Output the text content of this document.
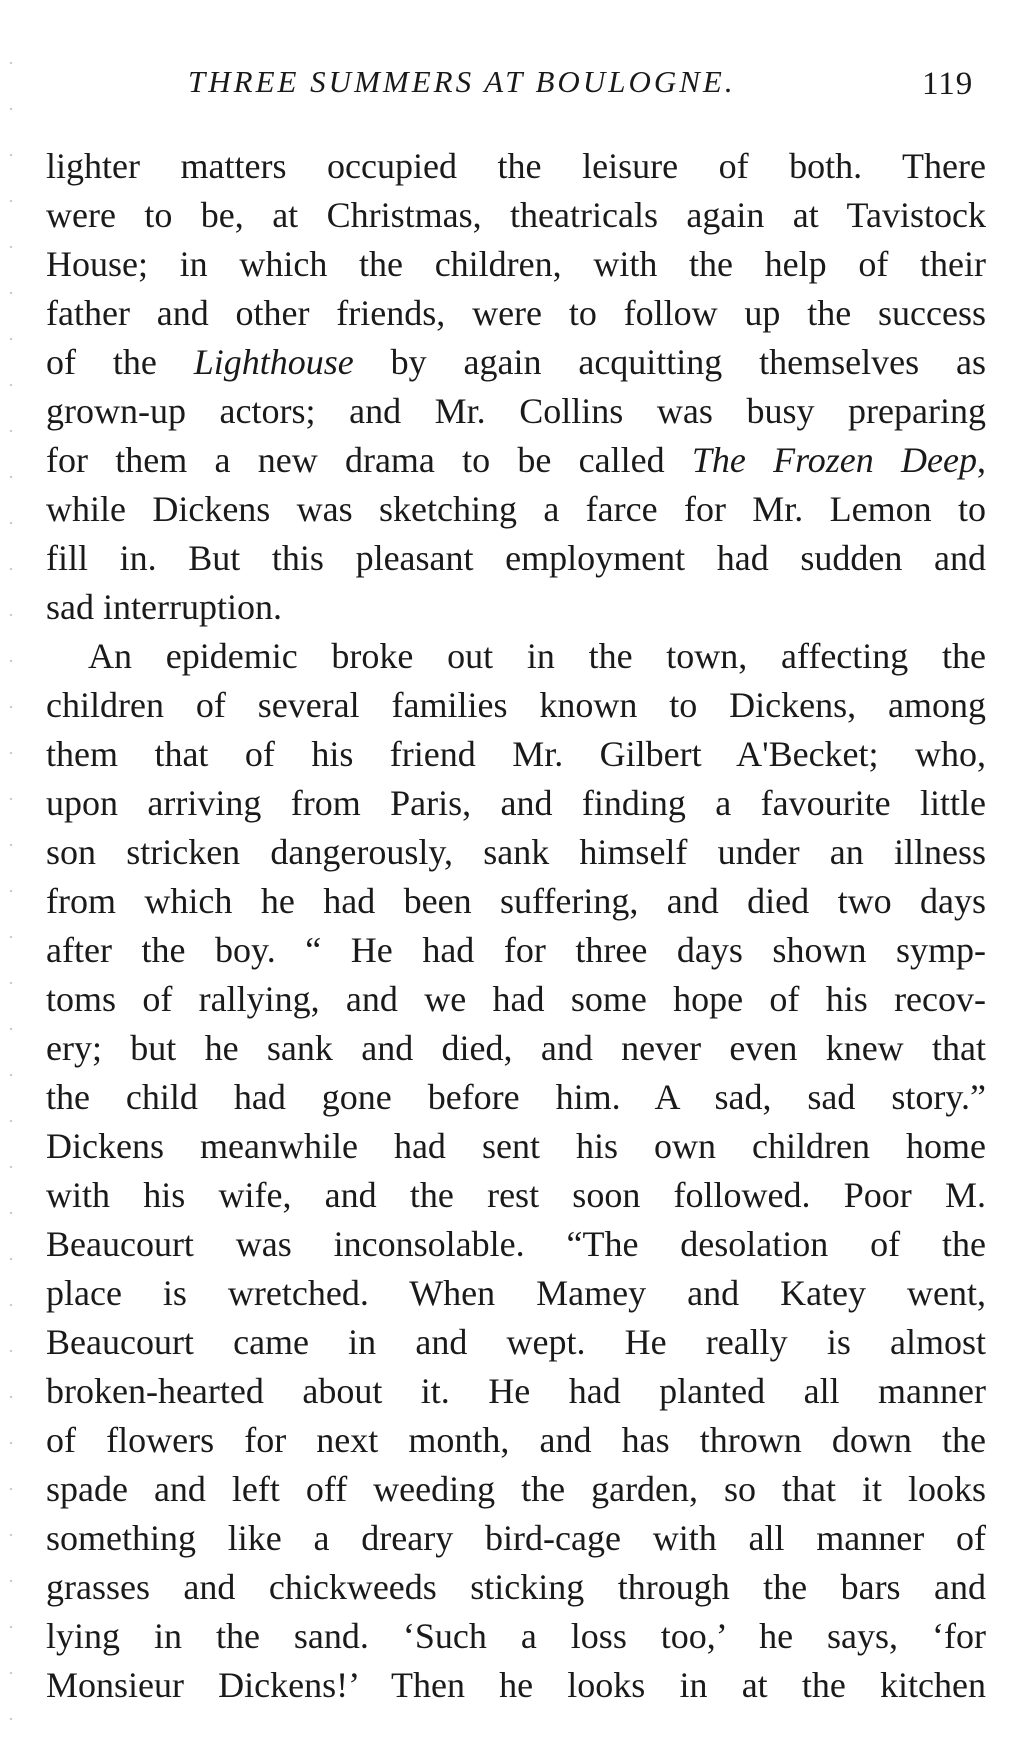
THREE SUMMERS AT BOULOGNE.	119
lighter matters occupied the leisure of both. There
were to be, at Christmas, theatricals again at Tavistock
House; in which the children, with the help of their
father and other friends, were to follow up the success
of the Lighthouse by again acquitting themselves as
grown-up actors; and Mr. Collins was busy preparing
for them a new drama to be called The Frozen Deep,
while Dickens was sketching a farce for Mr. Lemon to
fill in. But this pleasant employment had sudden and
sad interruption.
An epidemic broke out in the town, affecting the
children of several families known to Dickens, among
them that of his friend Mr. Gilbert A'Becket; who,
upon arriving from Paris, and finding a favourite little
son stricken dangerously, sank himself under an illness
from which he had been suffering, and died two days
after the boy. “ He had for three days shown symp-
toms of rallying, and we had some hope of his recov-
ery; but he sank and died, and never even knew that
the child had gone before him. A sad, sad story.”
Dickens meanwhile had sent his own children home
with his wife, and the rest soon followed. Poor M.
Beaucourt was inconsolable. “The desolation of the
place is wretched. When Mamey and Katey went,
Beaucourt came in and wept. He really is almost
broken-hearted about it. He had planted all manner
of flowers for next month, and has thrown down the
spade and left off weeding the garden, so that it looks
something like a dreary bird-cage with all manner of
grasses and chickweeds sticking through the bars and
lying in the sand. ‘Such a loss too,’ he says, ‘for
Monsieur Dickens!’ Then he looks in at the kitchen
